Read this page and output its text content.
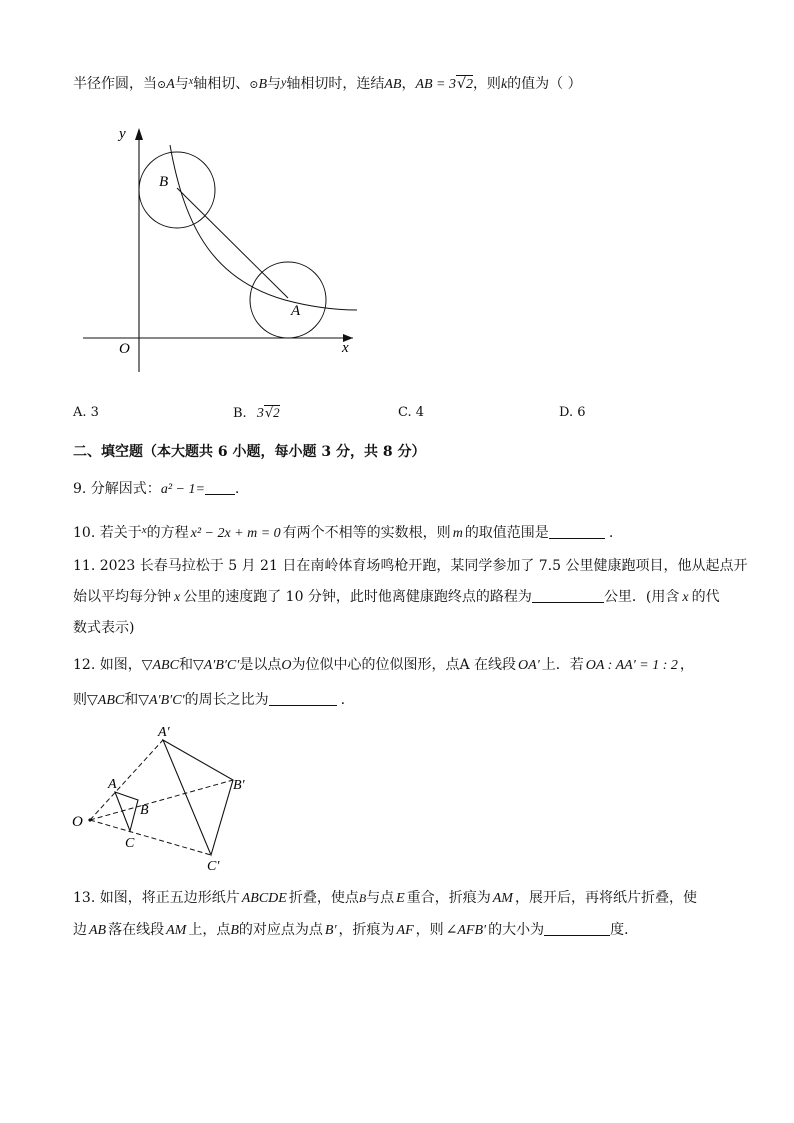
半径作圆，当⊙A与$^x$轴相切、⊙B与y轴相切时，连结AB，AB = 3√2，则k的值为（ ）
y
x
O
B
A
A. 3	B. 3√2	C. 4	D. 6
二、填空题（本大题共 6 小题，每小题 3 分，共 8 分）
9. 分解因式：a² − 1= .
10. 若关于$^x$的方程 x² − 2x + m = 0 有两个不相等的实数根，则 m 的取值范围是	.
11. 2023 长春马拉松于 5 月 21 日在南岭体育场鸣枪开跑，某同学参加了 7.5 公里健康跑项目，他从起点开
始以平均每分钟 x 公里的速度跑了 10 分钟，此时他离健康跑终点的路程为	公里．(用含 x 的代
数式表示)
12. 如图，▽ABC和▽A′B′C′是以点O为位似中心的位似图形，点A 在线段 OA′ 上．若 OA : AA′ = 1 : 2 ，
则▽ABC和▽A′B′C′的周长之比为	.
A′
B′
C′
A
B
C
O
13. 如图，将正五边形纸片 ABCDE 折叠，使点B与点 E 重合，折痕为 AM ，展开后，再将纸片折叠，使
边 AB 落在线段 AM 上，点B的对应点为点 B′ ，折痕为 AF ，则 ∠AFB′ 的大小为	度．
